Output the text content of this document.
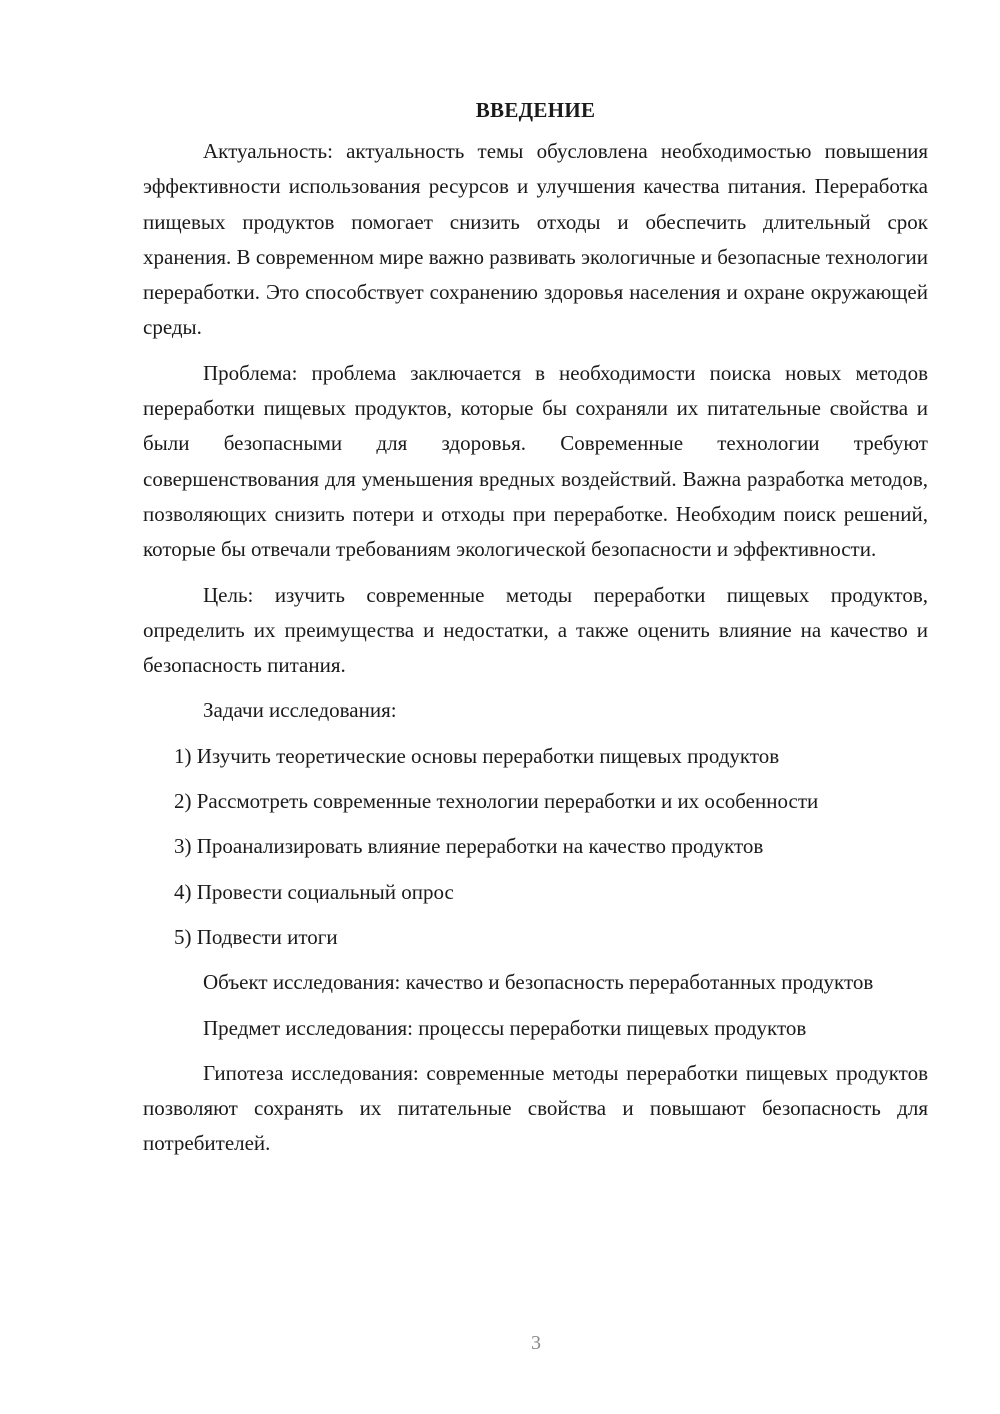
ВВЕДЕНИЕ

Актуальность: актуальность темы обусловлена необходимостью повышения эффективности использования ресурсов и улучшения качества питания. Переработка пищевых продуктов помогает снизить отходы и обеспечить длительный срок хранения. В современном мире важно развивать экологичные и безопасные технологии переработки. Это способствует сохранению здоровья населения и охране окружающей среды.

Проблема: проблема заключается в необходимости поиска новых методов переработки пищевых продуктов, которые бы сохраняли их питательные свойства и были безопасными для здоровья. Современные технологии требуют совершенствования для уменьшения вредных воздействий. Важна разработка методов, позволяющих снизить потери и отходы при переработке. Необходим поиск решений, которые бы отвечали требованиям экологической безопасности и эффективности.

Цель: изучить современные методы переработки пищевых продуктов, определить их преимущества и недостатки, а также оценить влияние на качество и безопасность питания.

Задачи исследования:

1) Изучить теоретические основы переработки пищевых продуктов

2) Рассмотреть современные технологии переработки и их особенности

3) Проанализировать влияние переработки на качество продуктов

4) Провести социальный опрос

5) Подвести итоги

Объект исследования: качество и безопасность переработанных продуктов

Предмет исследования: процессы переработки пищевых продуктов

Гипотеза исследования: современные методы переработки пищевых продуктов позволяют сохранять их питательные свойства и повышают безопасность для потребителей.

3
